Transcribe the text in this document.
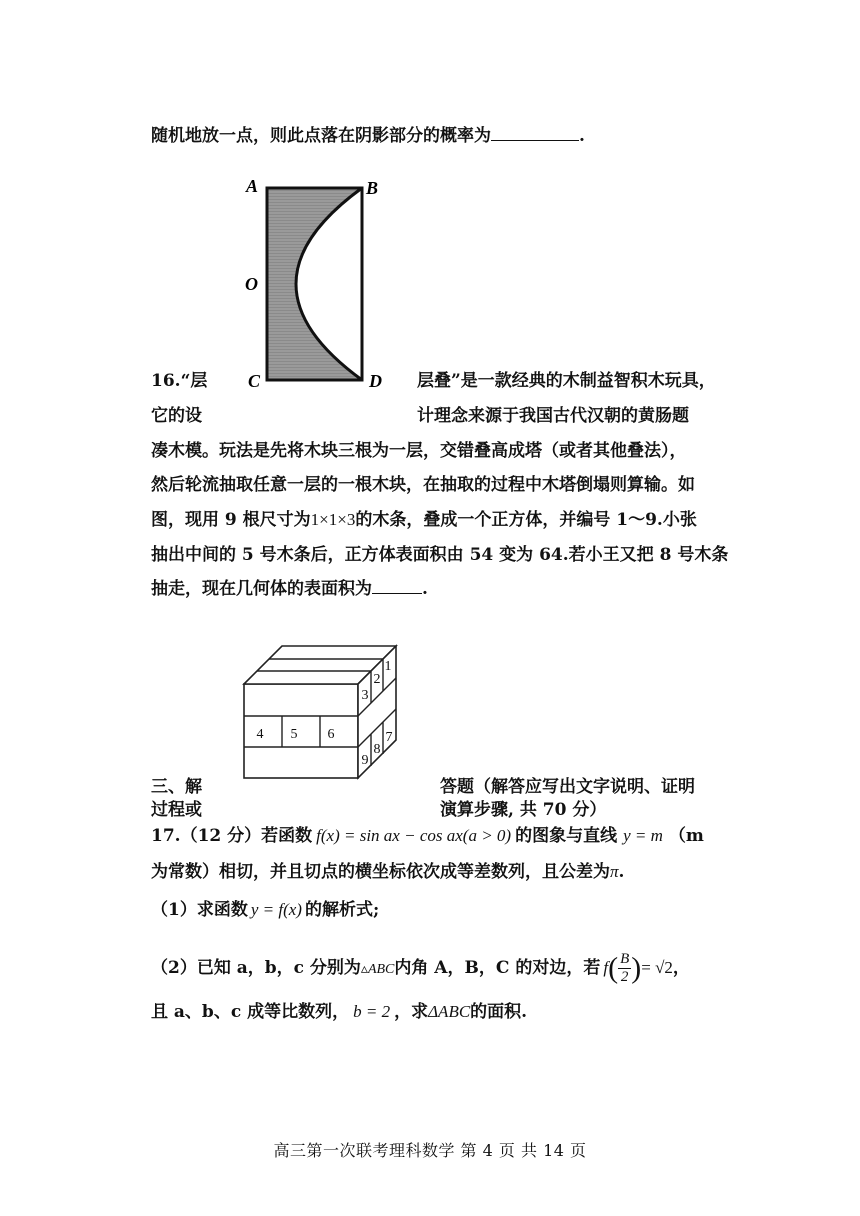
随机地放一点，则此点落在阴影部分的概率为	.
A	B
O
C	D
16.“层	层叠”是一款经典的木制益智积木玩具，
它的设	计理念来源于我国古代汉朝的黄肠题
凑木模。玩法是先将木块三根为一层，交错叠高成塔（或者其他叠法），
然后轮流抽取任意一层的一根木块，在抽取的过程中木塔倒塌则算输。如
图，现用 9 根尺寸为1×1×3的木条，叠成一个正方体，并编号 1～9.小张
抽出中间的 5 号木条后，正方体表面积由 54 变为 64.若小王又把 8 号木条
抽走，现在几何体的表面积为	.
1
2
3
4 5 6	7
8
9
三、解	答题（解答应写出文字说明、证明
过程或	演算步骤, 共 70 分）
17.（12 分）若函数 f(x) = sin ax − cos ax(a > 0) 的图象与直线 y = m （m
为常数）相切，并且切点的横坐标依次成等差数列，且公差为π.
（1）求函数 y = f(x) 的解析式;
（2）已知 a，b，c 分别为▵ABC内角 A，B，C 的对边，若 $f( \frac{B}{2}$ )= √2，
且 a、b、c 成等比数列， b = 2 ，求ΔABC的面积.
高三第一次联考理科数学 第 4 页 共 14 页
